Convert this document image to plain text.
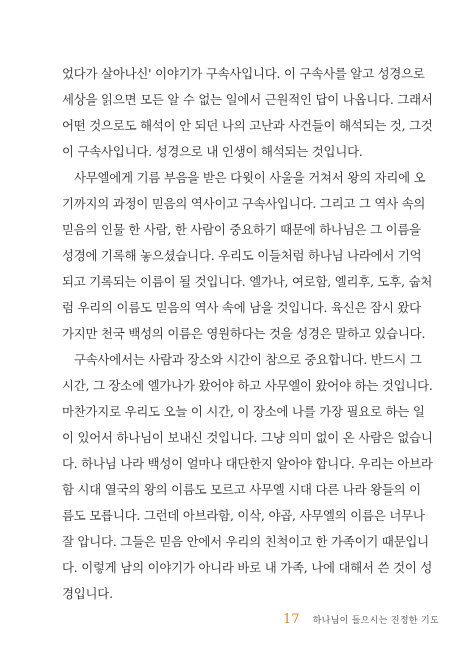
었다가 살아나신' 이야기가 구속사입니다. 이 구속사를 알고 성경으로
세상을 읽으면 모든 알 수 없는 일에서 근원적인 답이 나옵니다. 그래서
어떤 것으로도 해석이 안 되던 나의 고난과 사건들이 해석되는 것, 그것
이 구속사입니다. 성경으로 내 인생이 해석되는 것입니다.
사무엘에게 기름 부음을 받은 다윗이 사울을 거쳐서 왕의 자리에 오
기까지의 과정이 믿음의 역사이고 구속사입니다. 그리고 그 역사 속의
믿음의 인물 한 사람, 한 사람이 중요하기 때문에 하나님은 그 이름을
성경에 기록해 놓으셨습니다. 우리도 이들처럼 하나님 나라에서 기억
되고 기록되는 이름이 될 것입니다. 엘가나, 여로함, 엘리후, 도후, 숩처
럼 우리의 이름도 믿음의 역사 속에 남을 것입니다. 육신은 잠시 왔다
가지만 천국 백성의 이름은 영원하다는 것을 성경은 말하고 있습니다.
구속사에서는 사람과 장소와 시간이 참으로 중요합니다. 반드시 그
시간, 그 장소에 엘가나가 왔어야 하고 사무엘이 왔어야 하는 것입니다.
마찬가지로 우리도 오늘 이 시간, 이 장소에 나를 가장 필요로 하는 일
이 있어서 하나님이 보내신 것입니다. 그냥 의미 없이 온 사람은 없습니
다. 하나님 나라 백성이 얼마나 대단한지 알아야 합니다. 우리는 아브라
함 시대 열국의 왕의 이름도 모르고 사무엘 시대 다른 나라 왕들의 이
름도 모릅니다. 그런데 아브라함, 이삭, 야곱, 사무엘의 이름은 너무나
잘 압니다. 그들은 믿음 안에서 우리의 친척이고 한 가족이기 때문입니
다. 이렇게 남의 이야기가 아니라 바로 내 가족, 나에 대해서 쓴 것이 성
경입니다.
17 하나님이 들으시는 진정한 기도
